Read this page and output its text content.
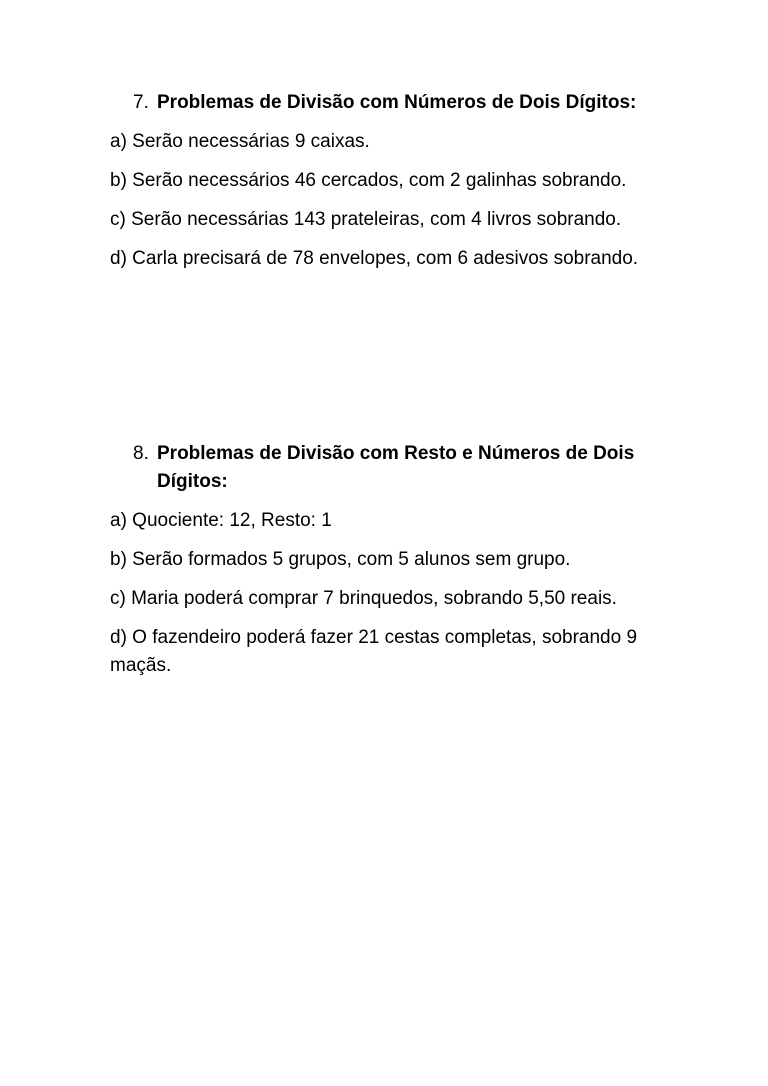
7. Problemas de Divisão com Números de Dois Dígitos:

a) Serão necessárias 9 caixas.

b) Serão necessários 46 cercados, com 2 galinhas sobrando.

c) Serão necessárias 143 prateleiras, com 4 livros sobrando.

d) Carla precisará de 78 envelopes, com 6 adesivos sobrando.

8. Problemas de Divisão com Resto e Números de Dois Dígitos:

a) Quociente: 12, Resto: 1

b) Serão formados 5 grupos, com 5 alunos sem grupo.

c) Maria poderá comprar 7 brinquedos, sobrando 5,50 reais.

d) O fazendeiro poderá fazer 21 cestas completas, sobrando 9 maçãs.
